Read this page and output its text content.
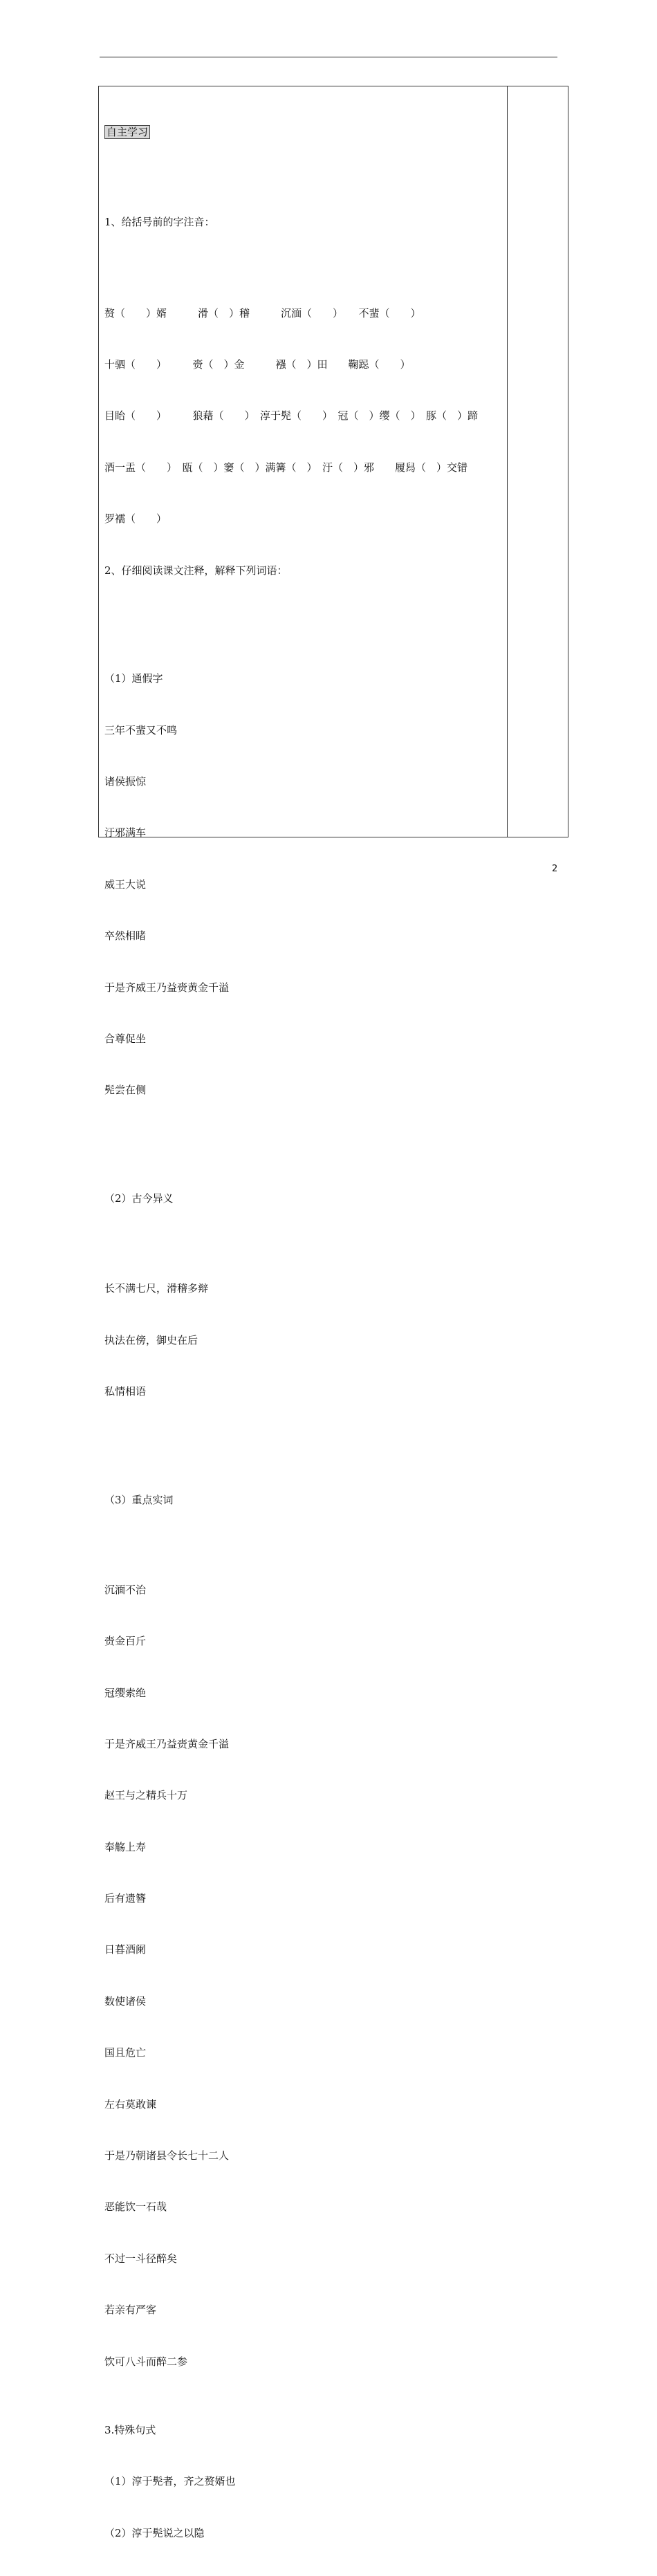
自主学习

1、给括号前的字注音：

赘（　　）婿　　　滑（　）稽　　　沉湎（　　）　　不蜚（　　）

十驷（　　）　　　赍（　）金　　　襁（　）田　　鞠跽（　　）

目眙（　　）　　　狼藉（　　）　淳于髡（　　）　冠（　）缨（　）　豚（　）蹄

酒一盂（　　）　瓯（　）窭（　）满篝（　）　汙（　）邪　　履舄（　）交错

罗襦（　　）

2、仔细阅读课文注释，解释下列词语：

（1）通假字

三年不蜚又不鸣

诸侯振惊

汙邪满车

威王大说

卒然相睹

于是齐威王乃益赍黄金千溢

合尊促坐

髡尝在侧

（2）古今异义

长不满七尺，滑稽多辩

执法在傍，御史在后

私情相语

（3）重点实词

沉湎不治

赍金百斤

冠缨索绝

于是齐威王乃益赍黄金千溢

赵王与之精兵十万

奉觞上寿

后有遗簪

日暮酒阑

数使诸侯

国且危亡

左右莫敢谏

于是乃朝诸县令长七十二人

恶能饮一石哉

不过一斗径醉矣

若亲有严客

饮可八斗而醉二参

3.特殊句式

（1）淳于髡者，齐之赘婿也

（2）淳于髡说之以隐

2
